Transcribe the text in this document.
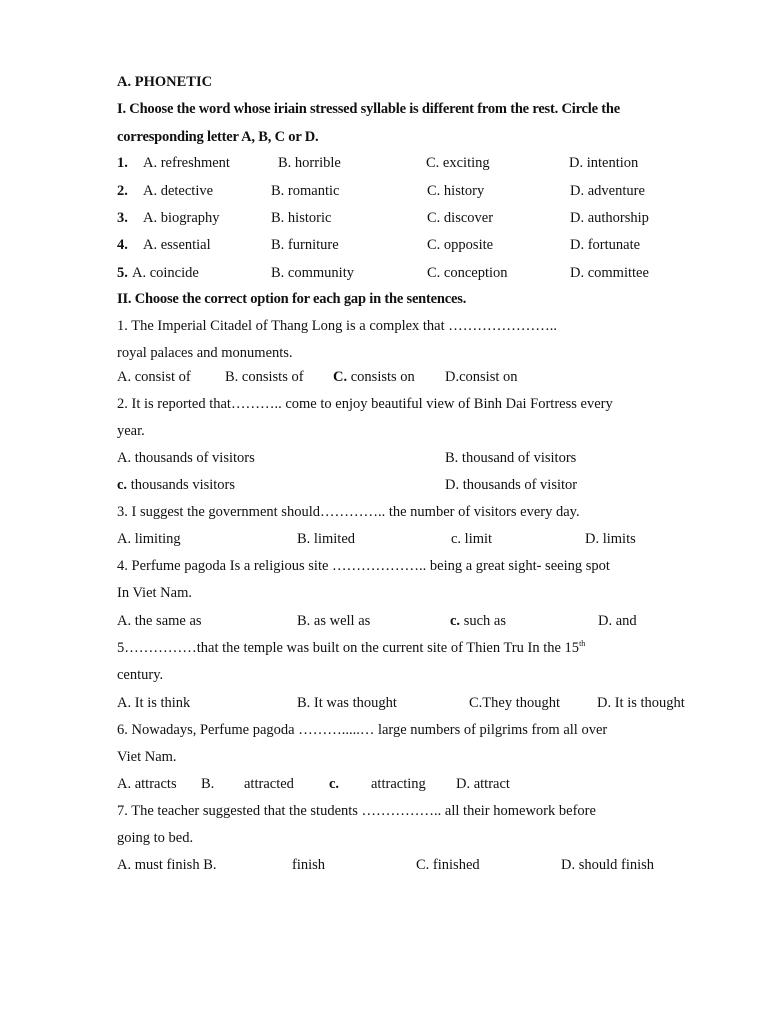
A. PHONETIC
I. Choose the word whose iriain stressed syllable is different from the rest. Circle the
corresponding letter A, B, C or D.
1. A. refreshment	B. horrible	C. exciting	D. intention
2. A. detective	B. romantic	C. history	D. adventure
3. A. biography	B. historic	C. discover	D. authorship
4. A. essential	B. furniture	C. opposite	D. fortunate
5. A. coincide	B. community	C. conception	D. committee
II. Choose the correct option for each gap in the sentences.
1. The Imperial Citadel of Thang Long is a complex that …………………..
royal palaces and monuments.
A. consist of B. consists of C. consists on D.consist on
2. It is reported that……….. come to enjoy beautiful view of Binh Dai Fortress every
year.
A. thousands of visitors	B. thousand of visitors
c. thousands visitors	D. thousands of visitor
3. I suggest the government should………….. the number of visitors every day.
A. limiting	B. limited	c. limit	D. limits
4. Perfume pagoda Is a religious site ……………….. being a great sight- seeing spot
In Viet Nam.
A. the same as	B. as well as	c. such as	D. and
5……………that the temple was built on the current site of Thien Tru In the 15th
century.
A. It is think	B. It was thought	C.They thought	D. It is thought
6. Nowadays, Perfume pagoda ……….....… large numbers of pilgrims from all over
Viet Nam.
A. attracts B. attracted c. attracting D. attract
7. The teacher suggested that the students …………….. all their homework before
going to bed.
A. must finish B.	finish	C. finished	D. should finish
